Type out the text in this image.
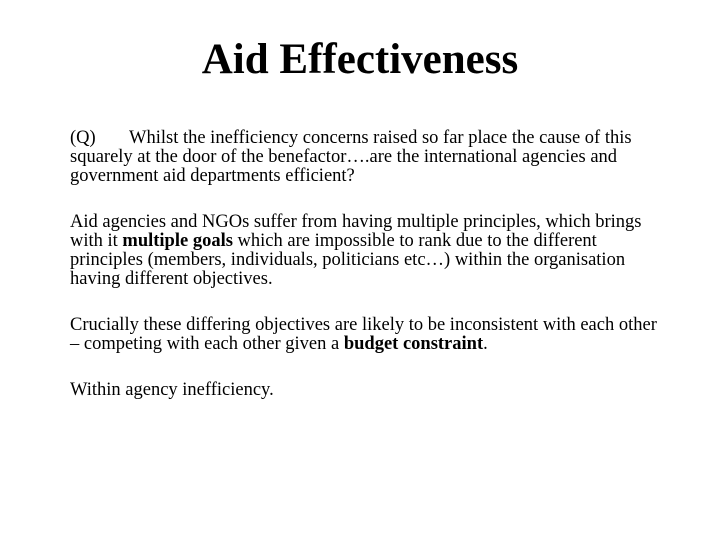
Aid Effectiveness

(Q) Whilst the inefficiency concerns raised so far place the cause of this squarely at the door of the benefactor….are the international agencies and government aid departments efficient?

Aid agencies and NGOs suffer from having multiple principles, which brings with it multiple goals which are impossible to rank due to the different principles (members, individuals, politicians etc…) within the organisation having different objectives.

Crucially these differing objectives are likely to be inconsistent with each other – competing with each other given a budget constraint.

Within agency inefficiency.
